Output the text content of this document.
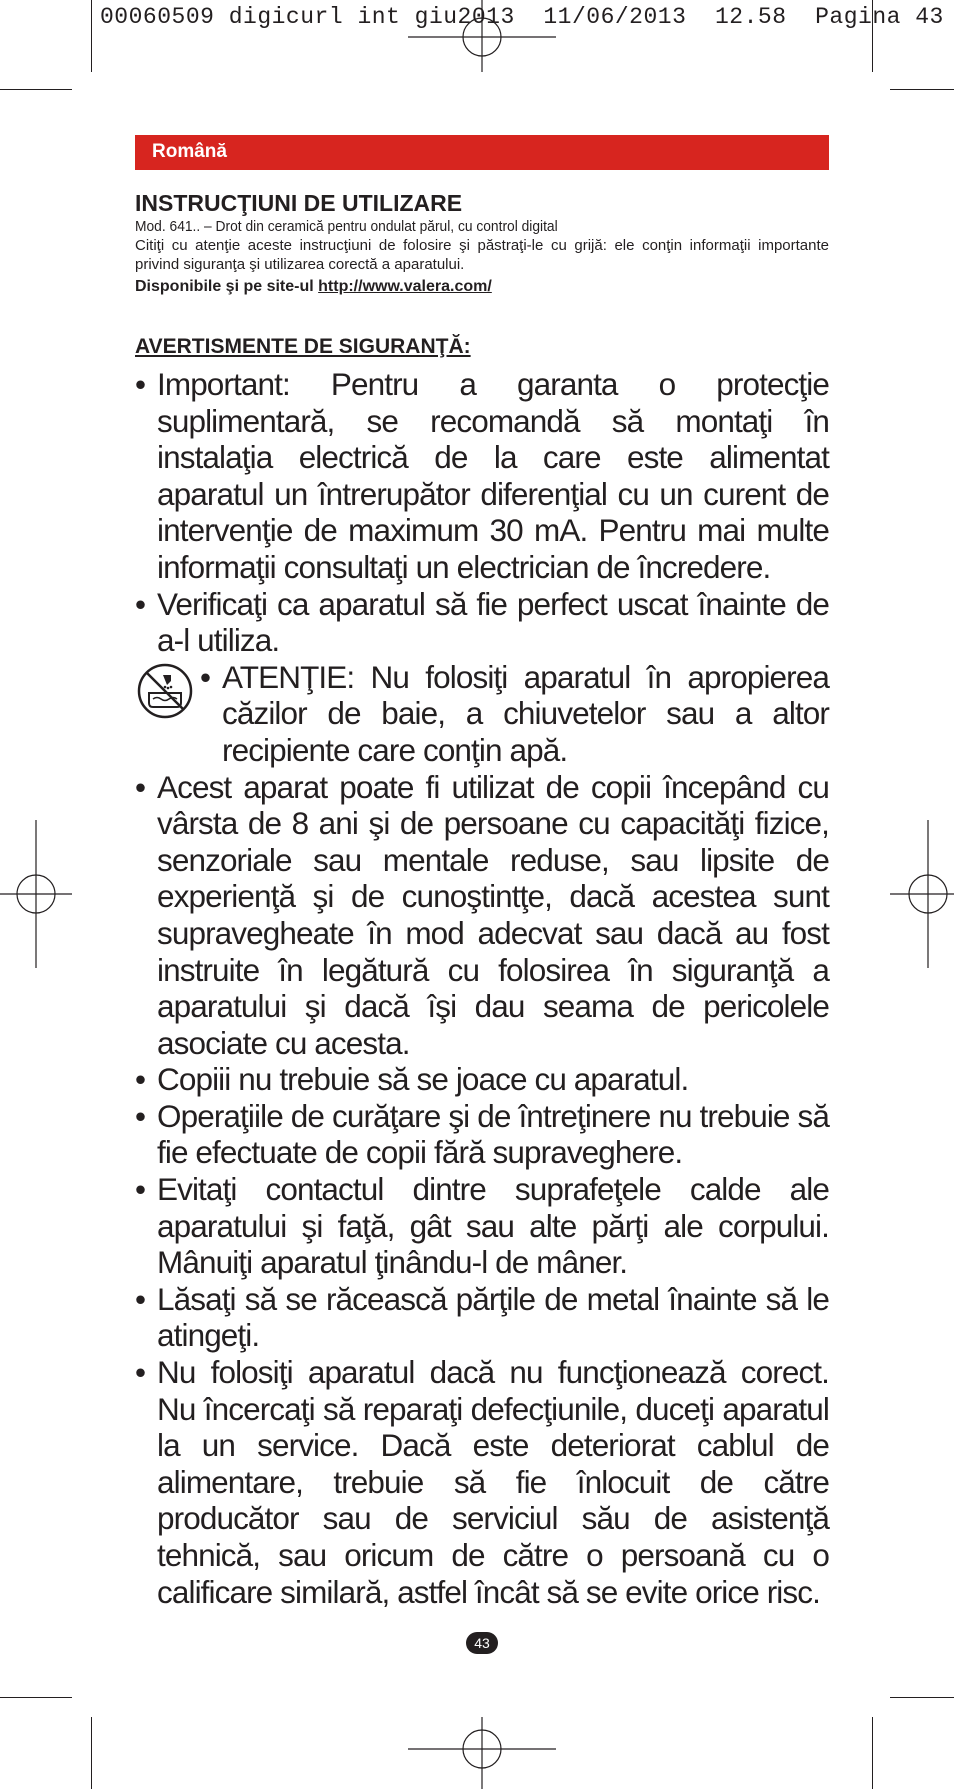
00060509 digicurl int giu2013  11/06/2013  12.58  Pagina 43
Română
INSTRUCŢIUNI DE UTILIZARE
Mod. 641.. – Drot din ceramică pentru ondulat părul, cu control digital
Citiţi cu atenţie aceste instrucţiuni de folosire şi păstraţi-le cu grijă: ele conţin informaţii importante privind siguranţa şi utilizarea corectă a aparatului.
Disponibile şi pe site-ul http://www.valera.com/
AVERTISMENTE DE SIGURANŢĂ:
• Important: Pentru a garanta o protecţie suplimentară, se recomandă să montaţi în instalaţia electrică de la care este alimentat aparatul un întrerupător diferenţial cu un curent de intervenţie de maximum 30 mA. Pentru mai multe informaţii consultaţi un electrician de încredere.
• Verificaţi ca aparatul să fie perfect uscat înainte de a-l utiliza.
• ATENŢIE: Nu folosiţi aparatul în apropierea căzilor de baie, a chiuvetelor sau a altor recipiente care conţin apă.
• Acest aparat poate fi utilizat de copii începând cu vârsta de 8 ani şi de persoane cu capacităţi fizice, senzoriale sau mentale reduse, sau lipsite de experienţă şi de cunoştintţe, dacă acestea sunt supravegheate în mod adecvat sau dacă au fost instruite în legătură cu folosirea în siguranţă a aparatului şi dacă îşi dau seama de pericolele asociate cu acesta.
• Copiii nu trebuie să se joace cu aparatul.
• Operaţiile de curăţare şi de întreţinere nu trebuie să fie efectuate de copii fără supraveghere.
• Evitaţi contactul dintre suprafeţele calde ale aparatului şi faţă, gât sau alte părţi ale corpului. Mânuiţi aparatul ţinându-l de mâner.
• Lăsaţi să se răcească părţile de metal înainte să le atingeţi.
• Nu folosiţi aparatul dacă nu funcţionează corect. Nu încercaţi să reparaţi defecţiunile, duceţi aparatul la un service. Dacă este deteriorat cablul de alimentare, trebuie să fie înlocuit de către producător sau de serviciul său de asistenţă tehnică, sau oricum de către o persoană cu o calificare similară, astfel încât să se evite orice risc.
43
